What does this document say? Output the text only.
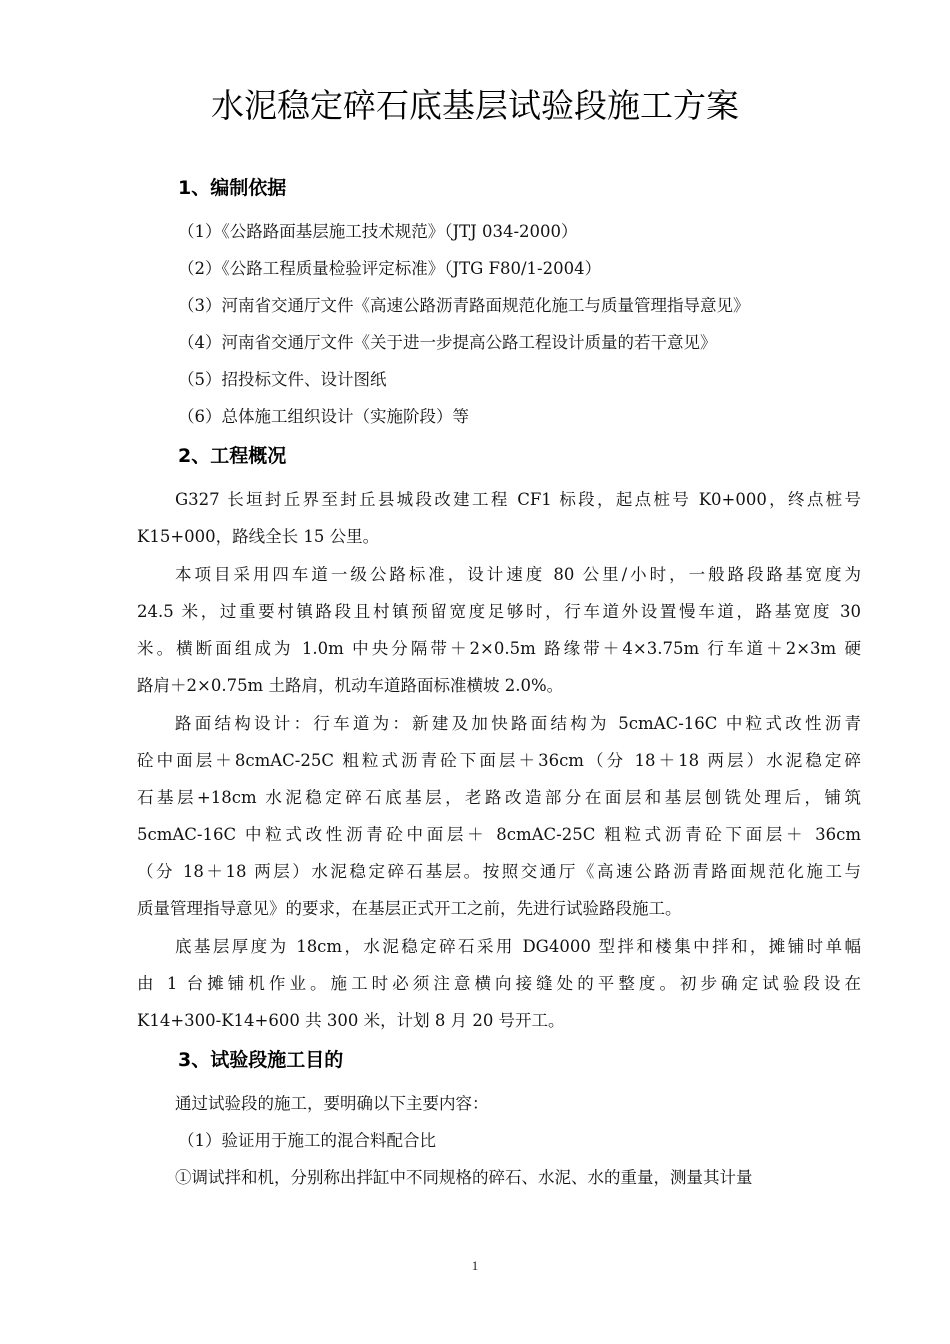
水泥稳定碎石底基层试验段施工方案
1、编制依据
（1）《公路路面基层施工技术规范》（JTJ 034-2000）
（2）《公路工程质量检验评定标准》（JTG F80/1-2004）
（3）河南省交通厅文件《高速公路沥青路面规范化施工与质量管理指导意见》
（4）河南省交通厅文件《关于进一步提高公路工程设计质量的若干意见》
（5）招投标文件、设计图纸
（6）总体施工组织设计（实施阶段）等
2、工程概况
G327 长垣封丘界至封丘县城段改建工程 CF1 标段，起点桩号 K0+000，终点桩号
K15+000，路线全长 15 公里。
本项目采用四车道一级公路标准，设计速度 80 公里/小时，一般路段路基宽度为
24.5 米，过重要村镇路段且村镇预留宽度足够时，行车道外设置慢车道，路基宽度 30
米。横断面组成为 1.0m 中央分隔带＋2×0.5m 路缘带＋4×3.75m 行车道＋2×3m 硬
路肩＋2×0.75m 土路肩，机动车道路面标准横坡 2.0%。
路面结构设计：行车道为：新建及加快路面结构为 5cmAC-16C 中粒式改性沥青
砼中面层＋8cmAC-25C 粗粒式沥青砼下面层＋36cm（分 18＋18 两层）水泥稳定碎
石基层+18cm 水泥稳定碎石底基层，老路改造部分在面层和基层刨铣处理后，铺筑
5cmAC-16C 中粒式改性沥青砼中面层＋ 8cmAC-25C 粗粒式沥青砼下面层＋ 36cm
（分 18＋18 两层）水泥稳定碎石基层。按照交通厅《高速公路沥青路面规范化施工与
质量管理指导意见》的要求，在基层正式开工之前，先进行试验路段施工。
底基层厚度为 18cm，水泥稳定碎石采用 DG4000 型拌和楼集中拌和，摊铺时单幅
由 1 台摊铺机作业。施工时必须注意横向接缝处的平整度。初步确定试验段设在
K14+300-K14+600 共 300 米，计划 8 月 20 号开工。
3、试验段施工目的
通过试验段的施工，要明确以下主要内容：
（1）验证用于施工的混合料配合比
①调试拌和机，分别称出拌缸中不同规格的碎石、水泥、水的重量，测量其计量
1
